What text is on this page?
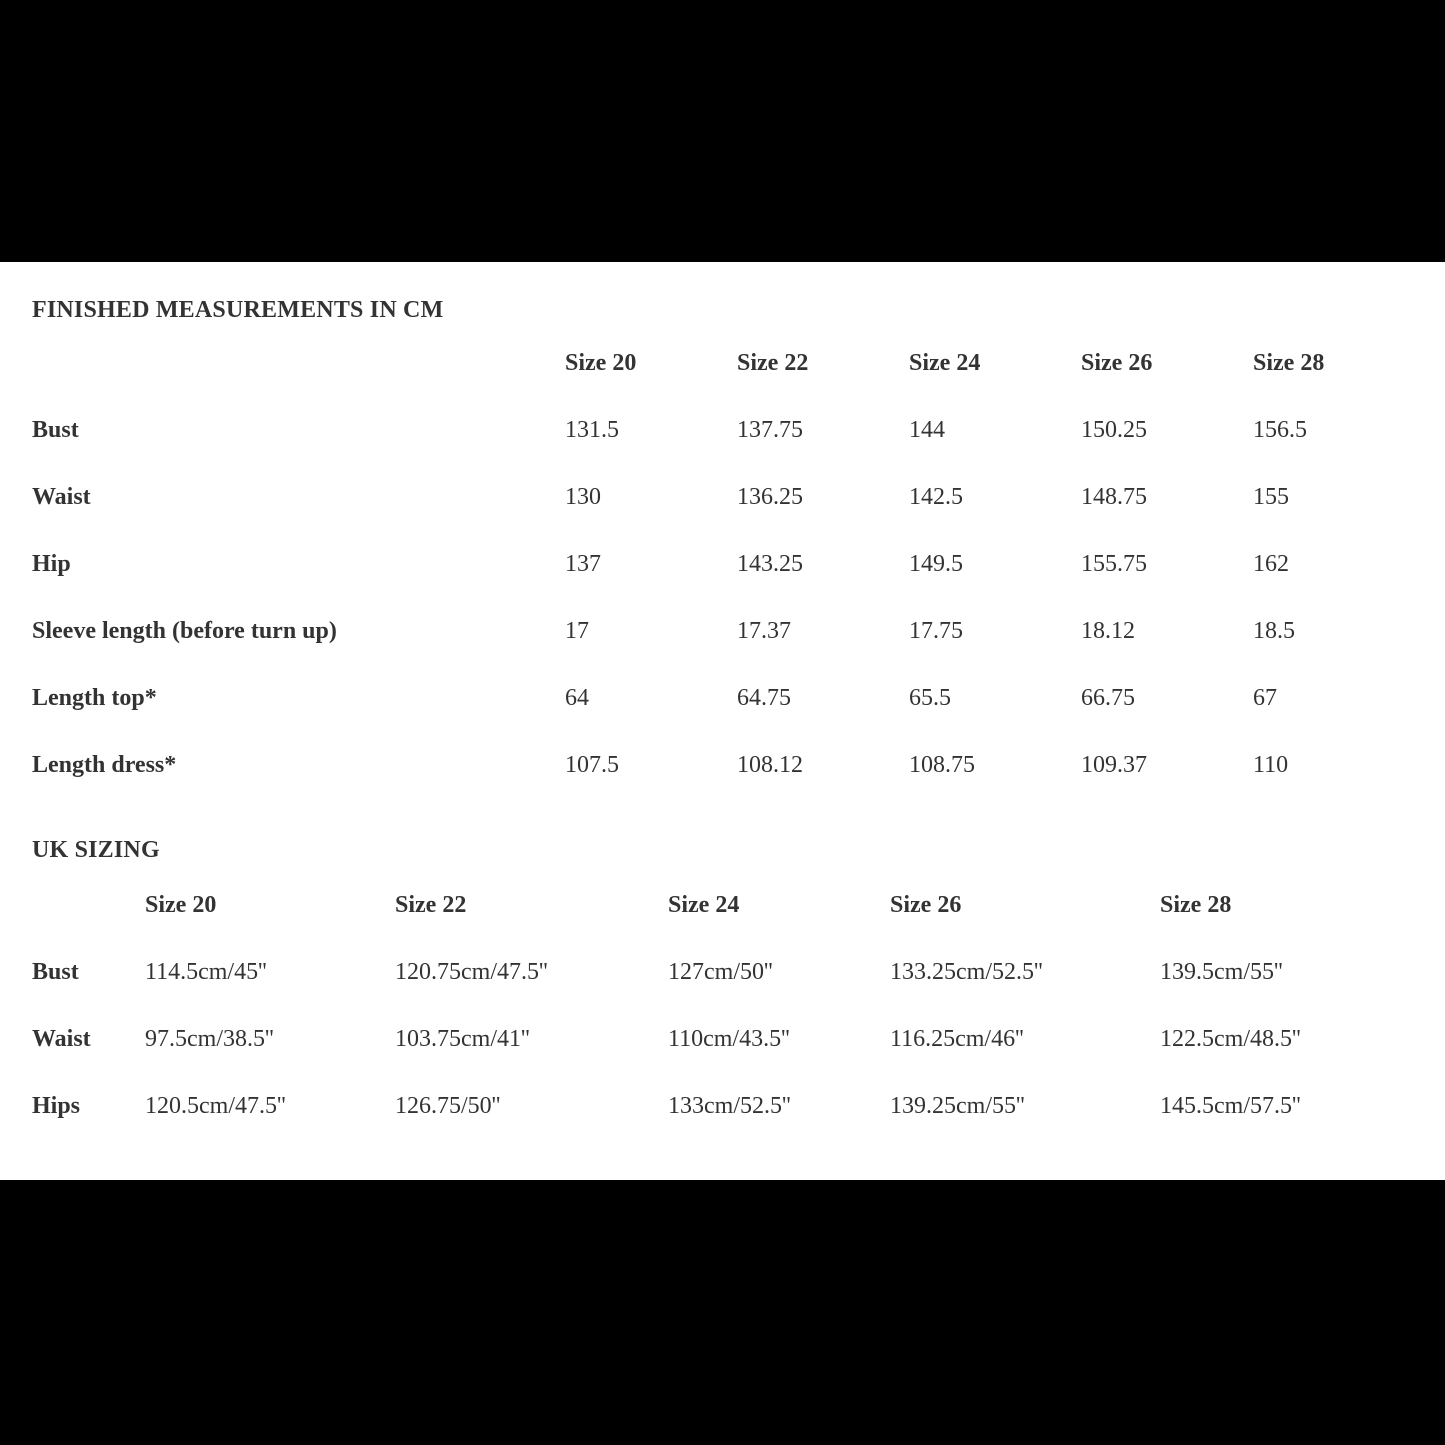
FINISHED MEASUREMENTS IN CM
Size 20	Size 22	Size 24	Size 26	Size 28
Bust	131.5	137.75	144	150.25	156.5
Waist	130	136.25	142.5	148.75	155
Hip	137	143.25	149.5	155.75	162
Sleeve length (before turn up)	17	17.37	17.75	18.12	18.5
Length top*	64	64.75	65.5	66.75	67
Length dress*	107.5	108.12	108.75	109.37	110
UK SIZING
Size 20	Size 22	Size 24	Size 26	Size 28
Bust	114.5cm/45''	120.75cm/47.5''	127cm/50''	133.25cm/52.5''	139.5cm/55''
Waist	97.5cm/38.5''	103.75cm/41''	110cm/43.5''	116.25cm/46''	122.5cm/48.5''
Hips	120.5cm/47.5''	126.75/50''	133cm/52.5''	139.25cm/55''	145.5cm/57.5''
